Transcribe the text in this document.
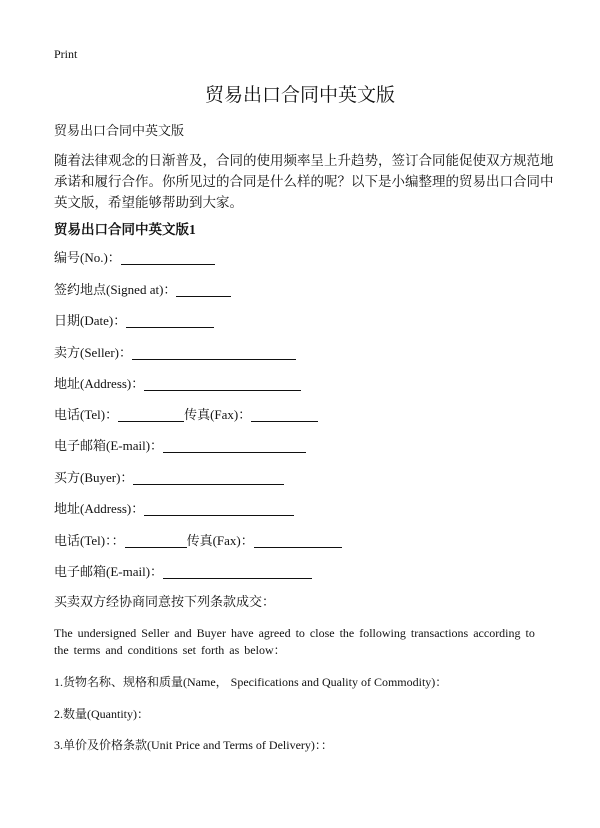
Print
贸易出口合同中英文版
贸易出口合同中英文版
随着法律观念的日渐普及，合同的使用频率呈上升趋势，签订合同能促使双方规范地承诺和履行合作。你所见过的合同是什么样的呢？以下是小编整理的贸易出口合同中英文版，希望能够帮助到大家。
贸易出口合同中英文版1
编号(No.)：
签约地点(Signed at)：
日期(Date)：
卖方(Seller)：
地址(Address)：
电话(Tel)：	传真(Fax)：
电子邮箱(E-mail)：
买方(Buyer)：
地址(Address)：
电话(Tel)：：	传真(Fax)：
电子邮箱(E-mail)：
买卖双方经协商同意按下列条款成交：
The undersigned Seller and Buyer have agreed to close the following transactions according to the terms and conditions set forth as below：
1.货物名称、规格和质量(Name， Specifications and Quality of Commodity)：
2.数量(Quantity)：
3.单价及价格条款(Unit Price and Terms of Delivery)：：
